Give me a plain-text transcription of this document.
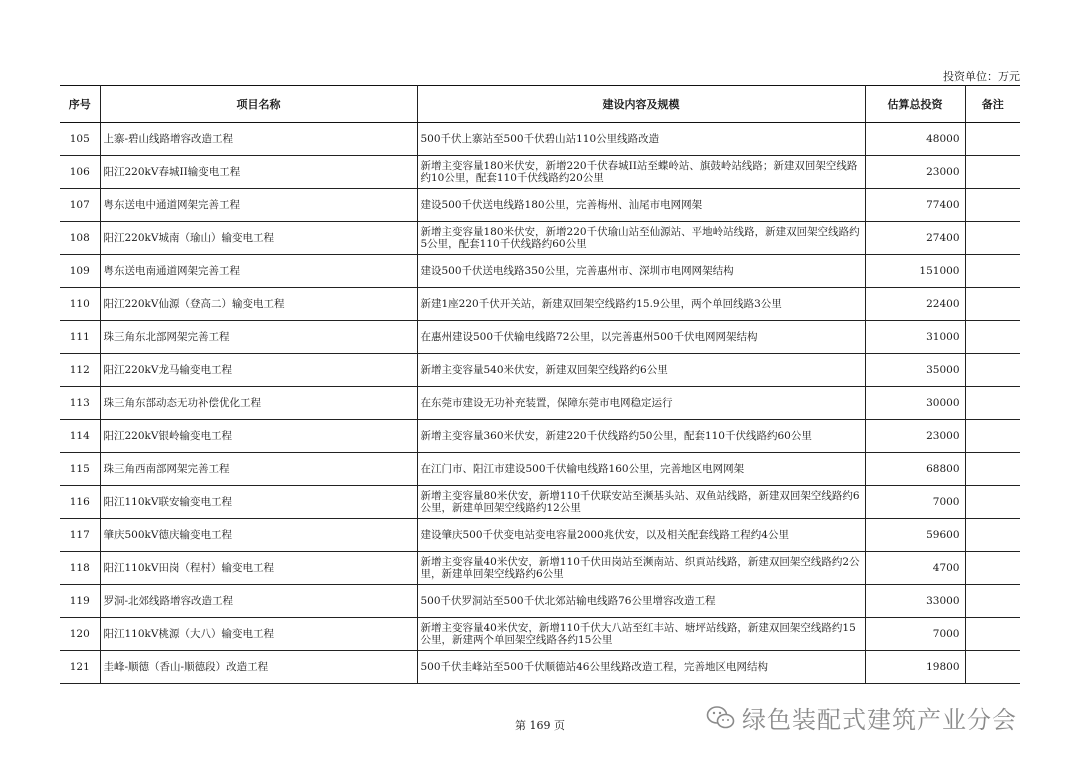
投资单位：万元
序号	项目名称	建设内容及规模	估算总投资	备注
105	上寨-碧山线路增容改造工程	500千伏上寨站至500千伏碧山站110公里线路改造	48000	
106	阳江220kV春城II输变电工程	新增主变容量180米伏安，新增220千伏春城II站至蝶岭站、旗鼓岭站线路；新建双回架空线路约10公里，配套110千伏线路约20公里	23000	
107	粤东送电中通道网架完善工程	建设500千伏送电线路180公里，完善梅州、汕尾市电网网架	77400	
108	阳江220kV城南（瑜山）输变电工程	新增主变容量180米伏安，新增220千伏瑜山站至仙源站、平地岭站线路，新建双回架空线路约5公里，配套110千伏线路约60公里	27400	
109	粤东送电南通道网架完善工程	建设500千伏送电线路350公里，完善惠州市、深圳市电网网架结构	151000	
110	阳江220kV仙源（登高二）输变电工程	新建1座220千伏开关站，新建双回架空线路约15.9公里，两个单回线路3公里	22400	
111	珠三角东北部网架完善工程	在惠州建设500千伏输电线路72公里，以完善惠州500千伏电网网架结构	31000	
112	阳江220kV龙马输变电工程	新增主变容量540米伏安，新建双回架空线路约6公里	35000	
113	珠三角东部动态无功补偿优化工程	在东莞市建设无功补充装置，保障东莞市电网稳定运行	30000	
114	阳江220kV银岭输变电工程	新增主变容量360米伏安，新建220千伏线路约50公里，配套110千伏线路约60公里	23000	
115	珠三角西南部网架完善工程	在江门市、阳江市建设500千伏输电线路160公里，完善地区电网网架	68800	
116	阳江110kV联安输变电工程	新增主变容量80米伏安，新增110千伏联安站至濒基头站、双鱼站线路，新建双回架空线路约6公里，新建单回架空线路约12公里	7000	
117	肇庆500kV德庆输变电工程	建设肇庆500千伏变电站变电容量2000兆伏安，以及相关配套线路工程约4公里	59600	
118	阳江110kV田岗（程村）输变电工程	新增主变容量40米伏安，新增110千伏田岗站至濒南站、织貢站线路，新建双回架空线路约2公里，新建单回架空线路约6公里	4700	
119	罗洞-北郊线路增容改造工程	500千伏罗洞站至500千伏北郊站输电线路76公里增容改造工程	33000	
120	阳江110kV桃源（大八）输变电工程	新增主变容量40米伏安，新增110千伏大八站至红丰站、塘坪站线路，新建双回架空线路约15公里，新建两个单回架空线路各约15公里	7000	
121	圭峰-顺德（香山-顺德段）改造工程	500千伏圭峰站至500千伏顺德站46公里线路改造工程，完善地区电网结构	19800	
第 169 页	绿色装配式建筑产业分会
